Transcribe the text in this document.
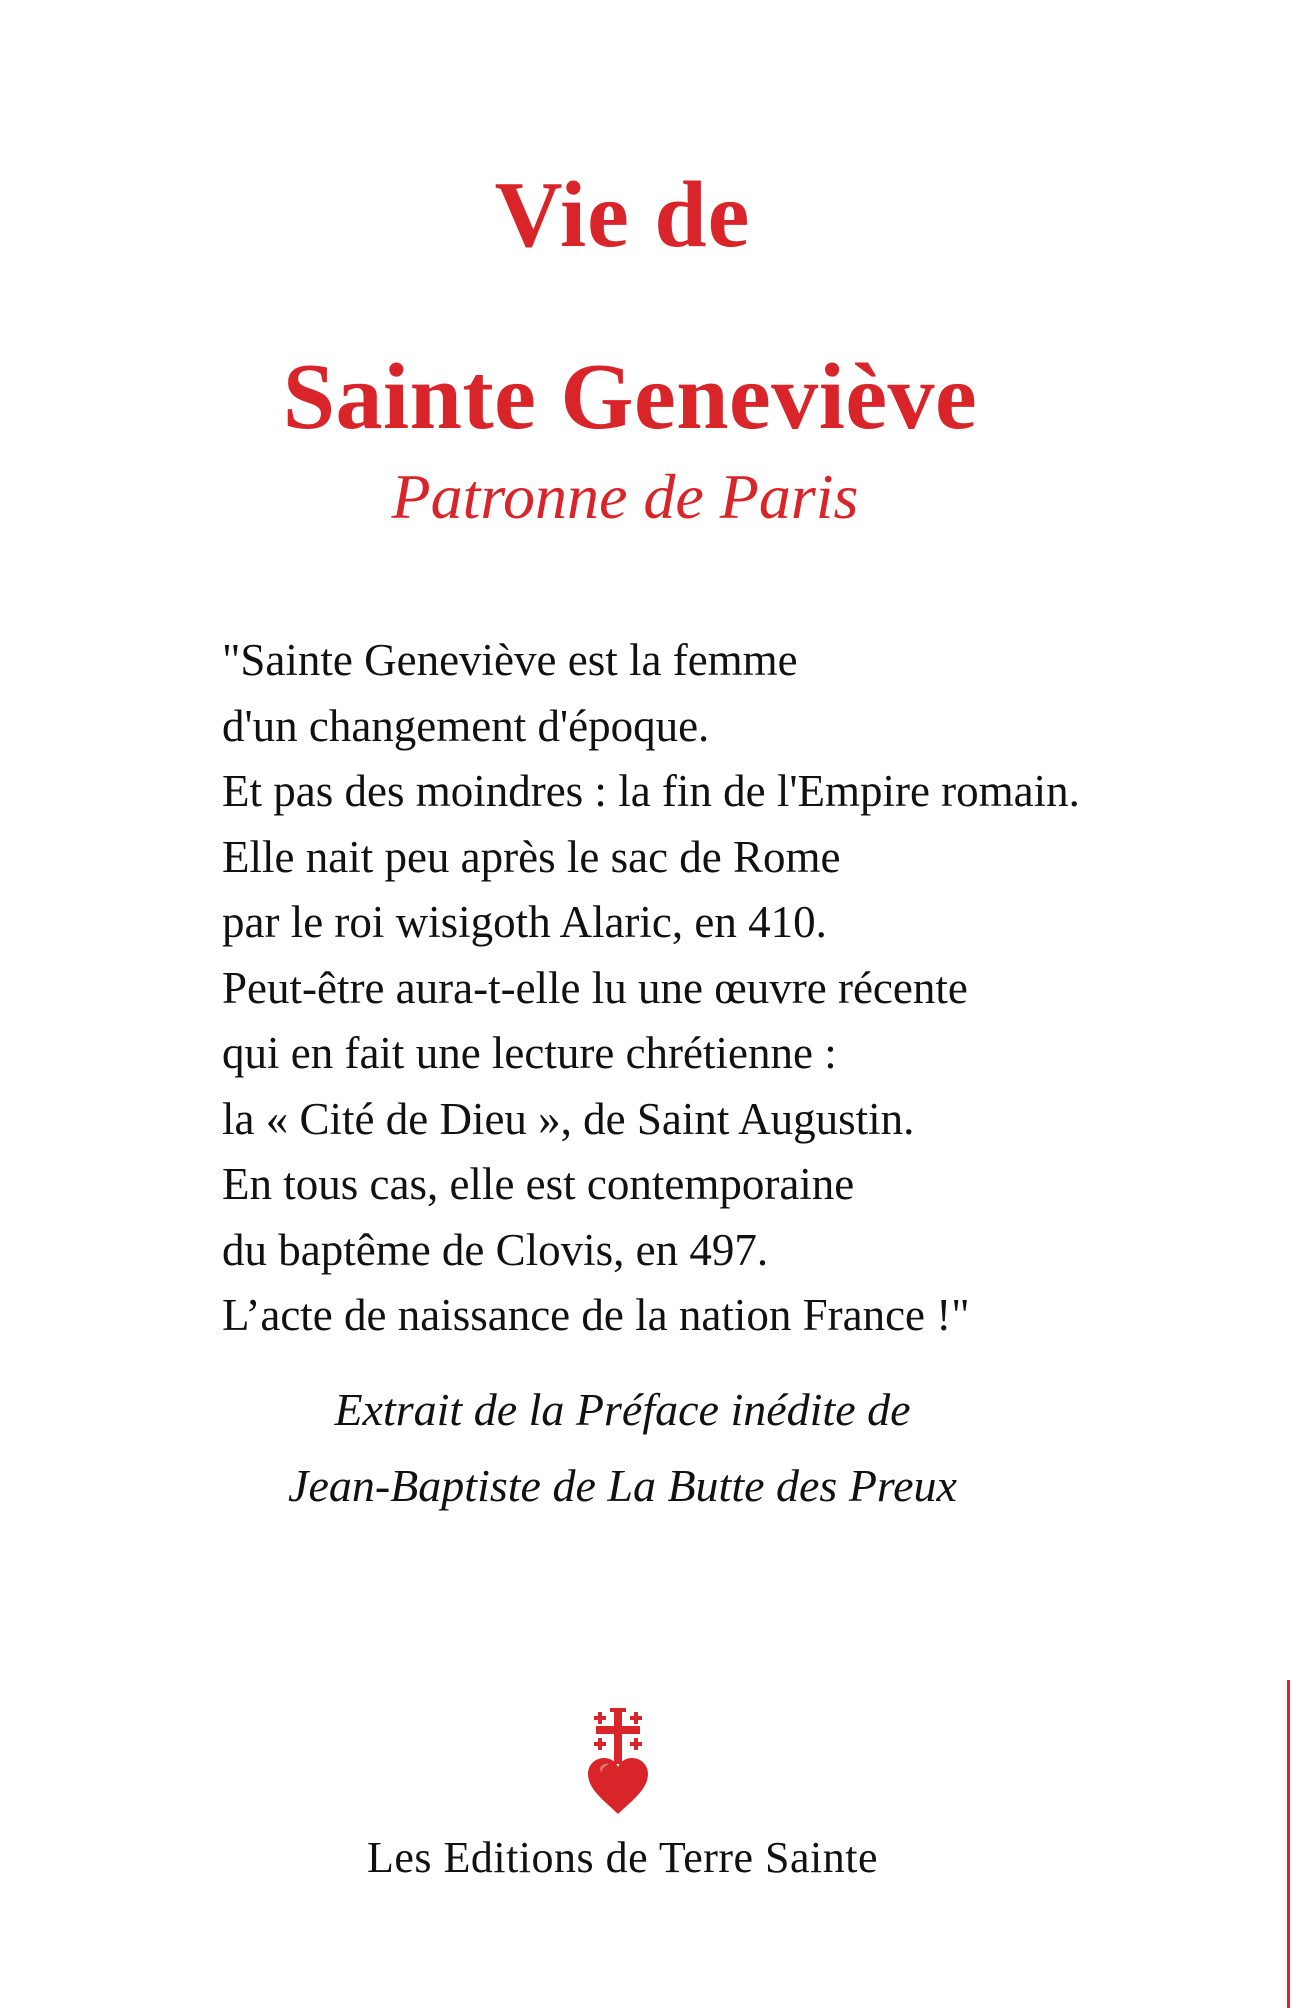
Vie de
Sainte Geneviève
Patronne de Paris
"Sainte Geneviève est la femme
d'un changement d'époque.
Et pas des moindres : la fin de l'Empire romain.
Elle nait peu après le sac de Rome
par le roi wisigoth Alaric, en 410.
Peut-être aura-t-elle lu une œuvre récente
qui en fait une lecture chrétienne :
la « Cité de Dieu », de Saint Augustin.
En tous cas, elle est contemporaine
du baptême de Clovis, en 497.
L’acte de naissance de la nation France !"
Extrait de la Préface inédite de
Jean-Baptiste de La Butte des Preux
Les Editions de Terre Sainte
